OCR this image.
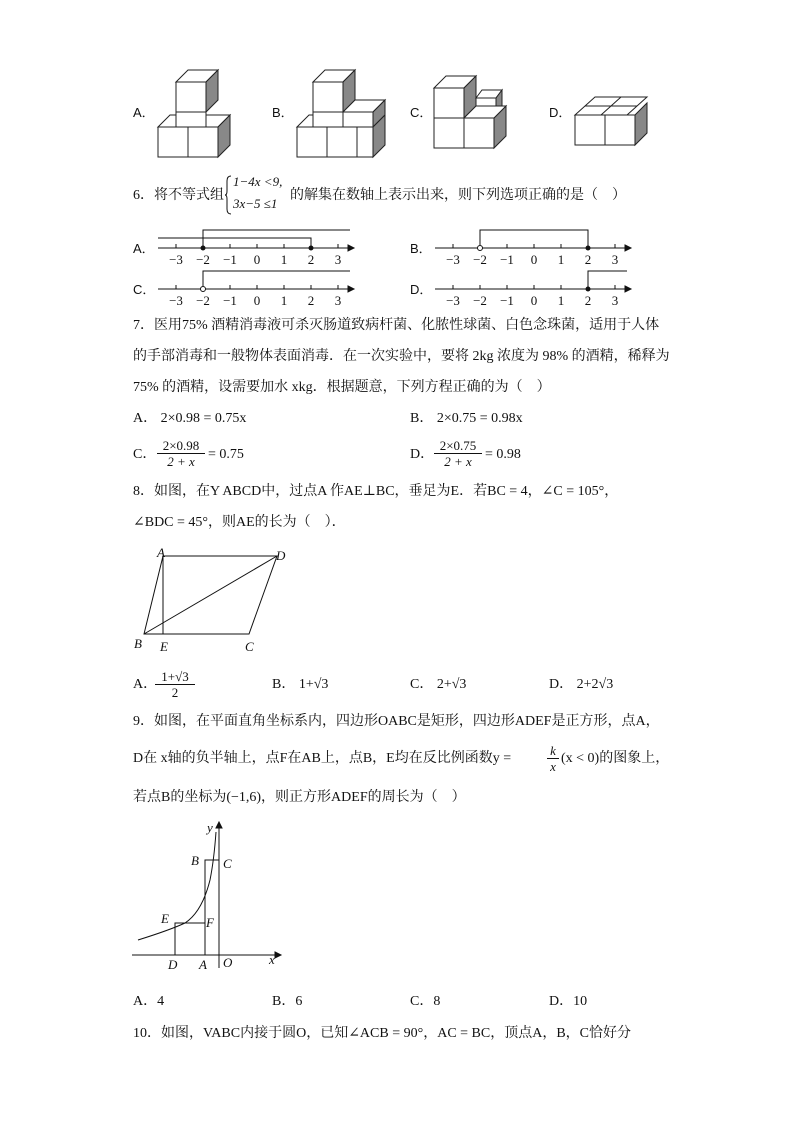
A．	B．	C．	D．
6．将不等式组
1−4x <9,
3x−5 ≤1
的解集在数轴上表示出来，则下列选项正确的是（　）
A．	B．
C．	D．
−3 −2 −1	0	1	2	3	−3 −2 −1	0	1	2	3
−3 −2 −1	0	1	2	3	−3 −2 −1	0	1	2	3
7．医用75% 酒精消毒液可杀灭肠道致病杆菌、化脓性球菌、白色念珠菌，适用于人体
的手部消毒和一般物体表面消毒．在一次实验中，要将 2kg 浓度为 98% 的酒精，稀释为
75% 的酒精，设需要加水 xkg．根据题意，下列方程正确的为（　）
A． 2×0.98 = 0.75x	B． 2×0.75 = 0.98x
C． $\frac{2\times 0.98}{2 + x} = 0.75$	D． $\frac{2\times 0.75}{2 + x} = 0.98$
8．如图，在Y ABCD中，过点A 作AE⊥BC，垂足为E．若BC = 4，∠C = 105°，
∠BDC = 45°，则AE的长为（　）．
A	D
B E	C
A．
$\frac{1+√3}{2}$	B． 1+√3	C． 2+√3	D． 2+2√3
9．如图，在平面直角坐标系内，四边形OABC是矩形，四边形ADEF是正方形，点A，
D在 x轴的负半轴上，点F在AB上，点B，E均在反比例函数y =	$\frac{k}{x} (x < 0)$的图象上，
若点B的坐标为(−1,6)，则正方形ADEF的周长为（　）
y
B C
E	F
D A O	x
A．4	B．6	C．8	D．10
10．如图，VABC内接于圆O，已知∠ACB = 90°，AC = BC，顶点A，B，C恰好分
